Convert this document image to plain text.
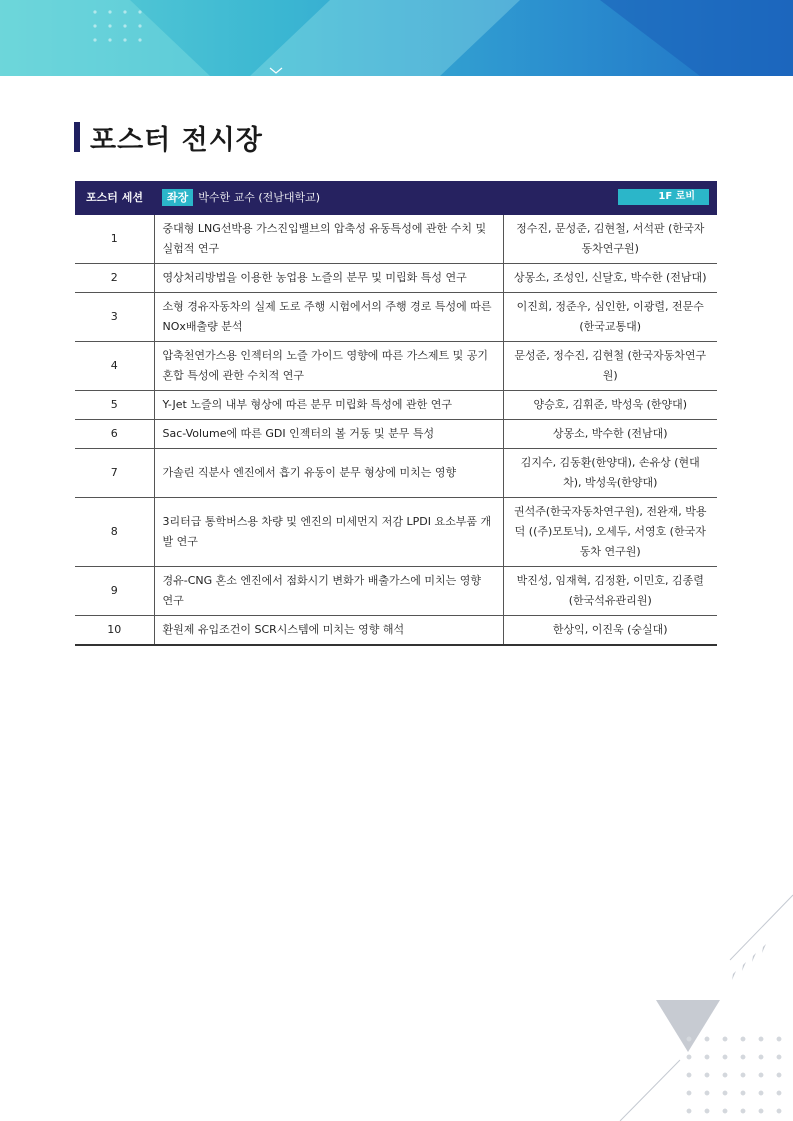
포스터 전시장
포스터 세션	좌장 박수한 교수 (전남대학교) 1F 로비	

1	중대형 LNG선박용 가스진입밸브의 압축성 유동특성에 관한 수치 및 실험적 연구	정수진, 문성준, 김현철, 서석판 (한국자동차연구원)
2	영상처리방법을 이용한 농업용 노즐의 분무 및 미립화 특성 연구	상몽소, 조성인, 신달호, 박수한 (전남대)
3	소형 경유자동차의 실제 도로 주행 시험에서의 주행 경로 특성에 따른 NOx배출량 분석	이진희, 정준우, 심인한, 이광렬, 전문수 (한국교통대)
4	압축천연가스용 인젝터의 노즐 가이드 영향에 따른 가스제트 및 공기 혼합 특성에 관한 수치적 연구	문성준, 정수진, 김현철 (한국자동차연구원)
5	Y-Jet 노즐의 내부 형상에 따른 분무 미립화 특성에 관한 연구	양승호, 김휘준, 박성욱 (한양대)
6	Sac-Volume에 따른 GDI 인젝터의 볼 거동 및 분무 특성	상몽소, 박수한 (전남대)
7	가솔린 직분사 엔진에서 흡기 유동이 분무 형상에 미치는 영향	김지수, 김동환(한양대), 손유상 (현대차), 박성욱(한양대)
8	3리터급 통학버스용 차량 및 엔진의 미세먼지 저감 LPDI 요소부품 개발 연구	권석주(한국자동차연구원), 전완재, 박용덕 ((주)모토닉), 오세두, 서영호 (한국자동차 연구원)
9	경유-CNG 혼소 엔진에서 점화시기 변화가 배출가스에 미치는 영향 연구	박진성, 임재혁, 김정환, 이민호, 김종렬 (한국석유관리원)
10	환원제 유입조건이 SCR시스템에 미치는 영향 해석	한상익, 이진욱 (숭실대)
